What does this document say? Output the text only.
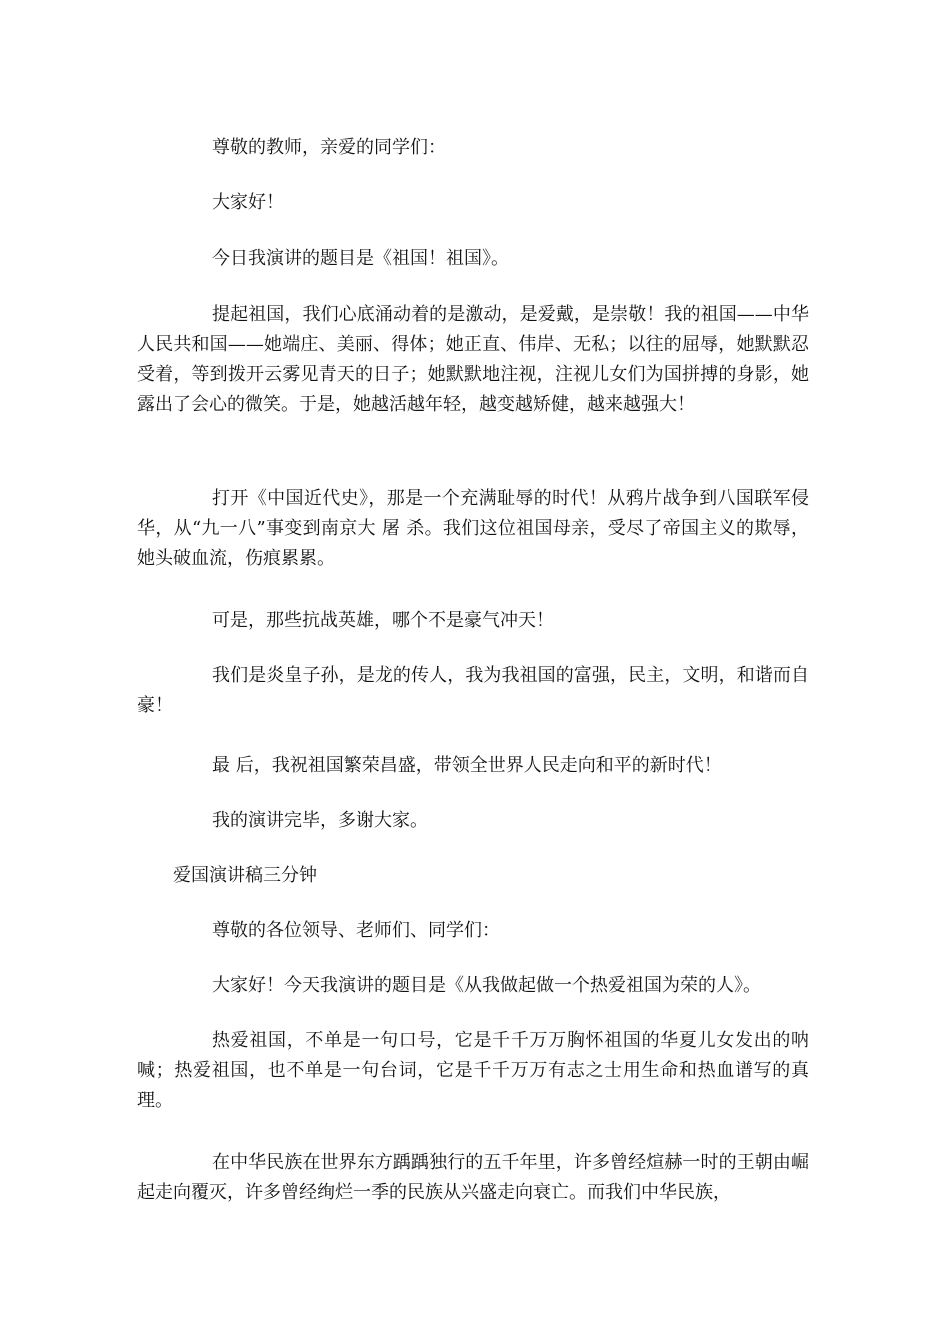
尊敬的教师，亲爱的同学们：

大家好！

今日我演讲的题目是《祖国！祖国》。

提起祖国，我们心底涌动着的是激动，是爱戴，是崇敬！我的祖国——中华人民共和国——她端庄、美丽、得体；她正直、伟岸、无私；以往的屈辱，她默默忍受着，等到拨开云雾见青天的日子；她默默地注视，注视儿女们为国拼搏的身影，她露出了会心的微笑。于是，她越活越年轻，越变越矫健，越来越强大！

打开《中国近代史》，那是一个充满耻辱的时代！从鸦片战争到八国联军侵华，从“九一八”事变到南京大 屠 杀。我们这位祖国母亲，受尽了帝国主义的欺辱，她头破血流，伤痕累累。

可是，那些抗战英雄，哪个不是豪气冲天！

我们是炎皇子孙，是龙的传人，我为我祖国的富强，民主，文明，和谐而自豪！

最 后，我祝祖国繁荣昌盛，带领全世界人民走向和平的新时代！

我的演讲完毕，多谢大家。

爱国演讲稿三分钟

尊敬的各位领导、老师们、同学们：

大家好！今天我演讲的题目是《从我做起做一个热爱祖国为荣的人》。

热爱祖国，不单是一句口号，它是千千万万胸怀祖国的华夏儿女发出的呐喊；热爱祖国，也不单是一句台词，它是千千万万有志之士用生命和热血谱写的真理。

在中华民族在世界东方踽踽独行的五千年里，许多曾经煊赫一时的王朝由崛起走向覆灭，许多曾经绚烂一季的民族从兴盛走向衰亡。而我们中华民族，
